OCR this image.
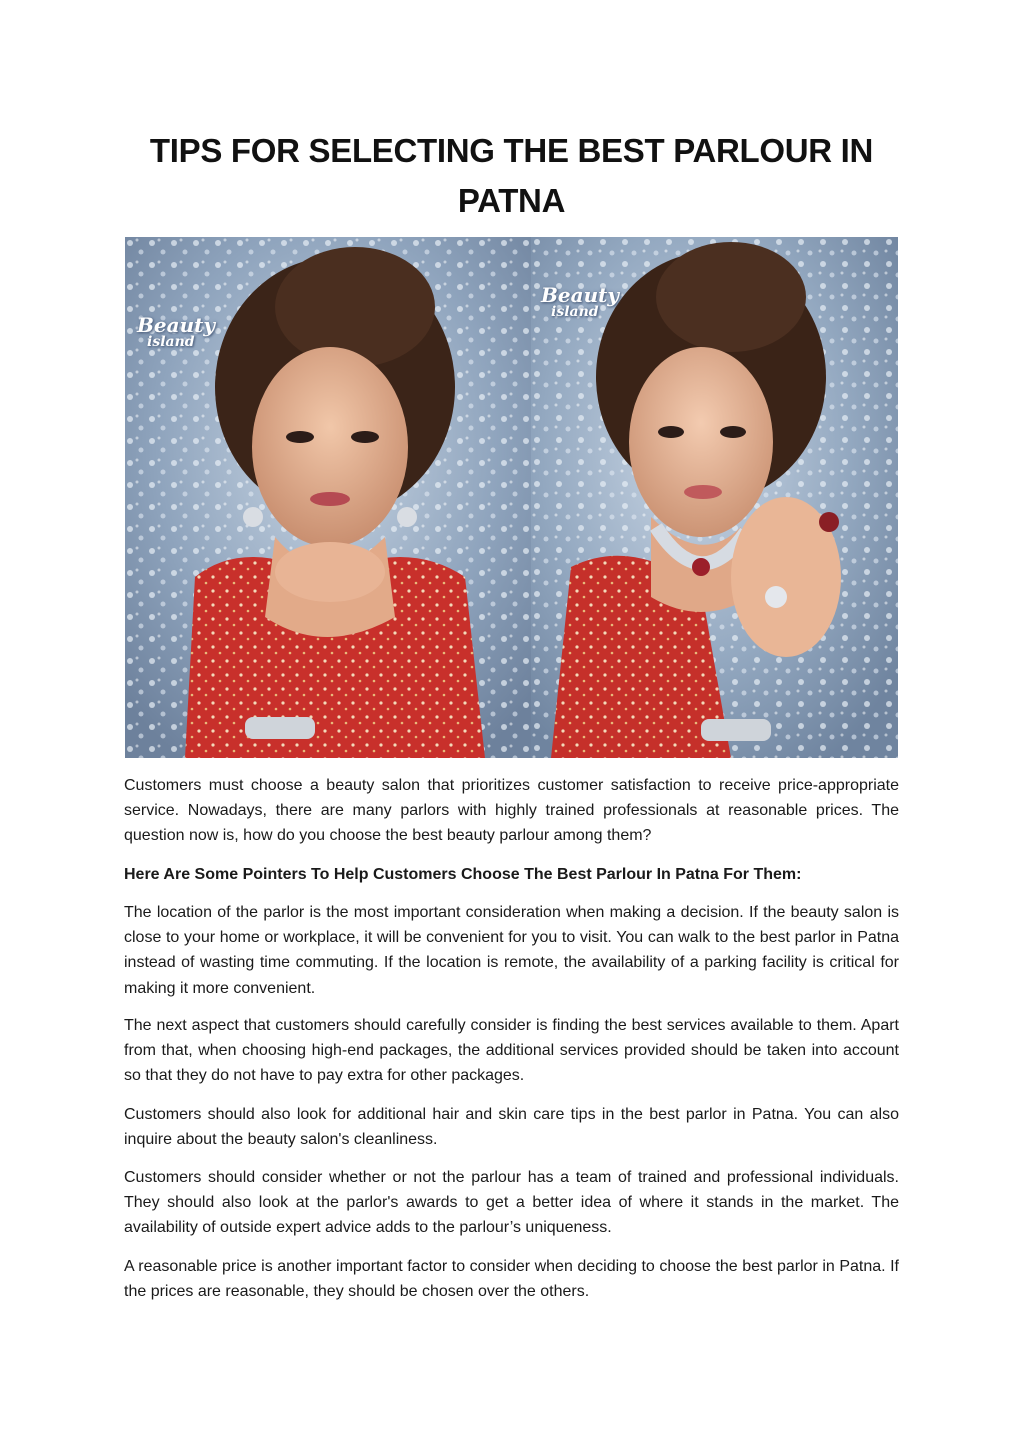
TIPS FOR SELECTING THE BEST PARLOUR IN PATNA
Beauty
island
Beauty
island

Customers must choose a beauty salon that prioritizes customer satisfaction to receive price-appropriate service. Nowadays, there are many parlors with highly trained professionals at reasonable prices. The question now is, how do you choose the best beauty parlour among them?

Here Are Some Pointers To Help Customers Choose The Best Parlour In Patna For Them:

The location of the parlor is the most important consideration when making a decision. If the beauty salon is close to your home or workplace, it will be convenient for you to visit. You can walk to the best parlor in Patna instead of wasting time commuting. If the location is remote, the availability of a parking facility is critical for making it more convenient.

The next aspect that customers should carefully consider is finding the best services available to them. Apart from that, when choosing high-end packages, the additional services provided should be taken into account so that they do not have to pay extra for other packages.

Customers should also look for additional hair and skin care tips in the best parlor in Patna. You can also inquire about the beauty salon's cleanliness.

Customers should consider whether or not the parlour has a team of trained and professional individuals. They should also look at the parlor's awards to get a better idea of where it stands in the market. The availability of outside expert advice adds to the parlour’s uniqueness.

A reasonable price is another important factor to consider when deciding to choose the best parlor in Patna. If the prices are reasonable, they should be chosen over the others.
